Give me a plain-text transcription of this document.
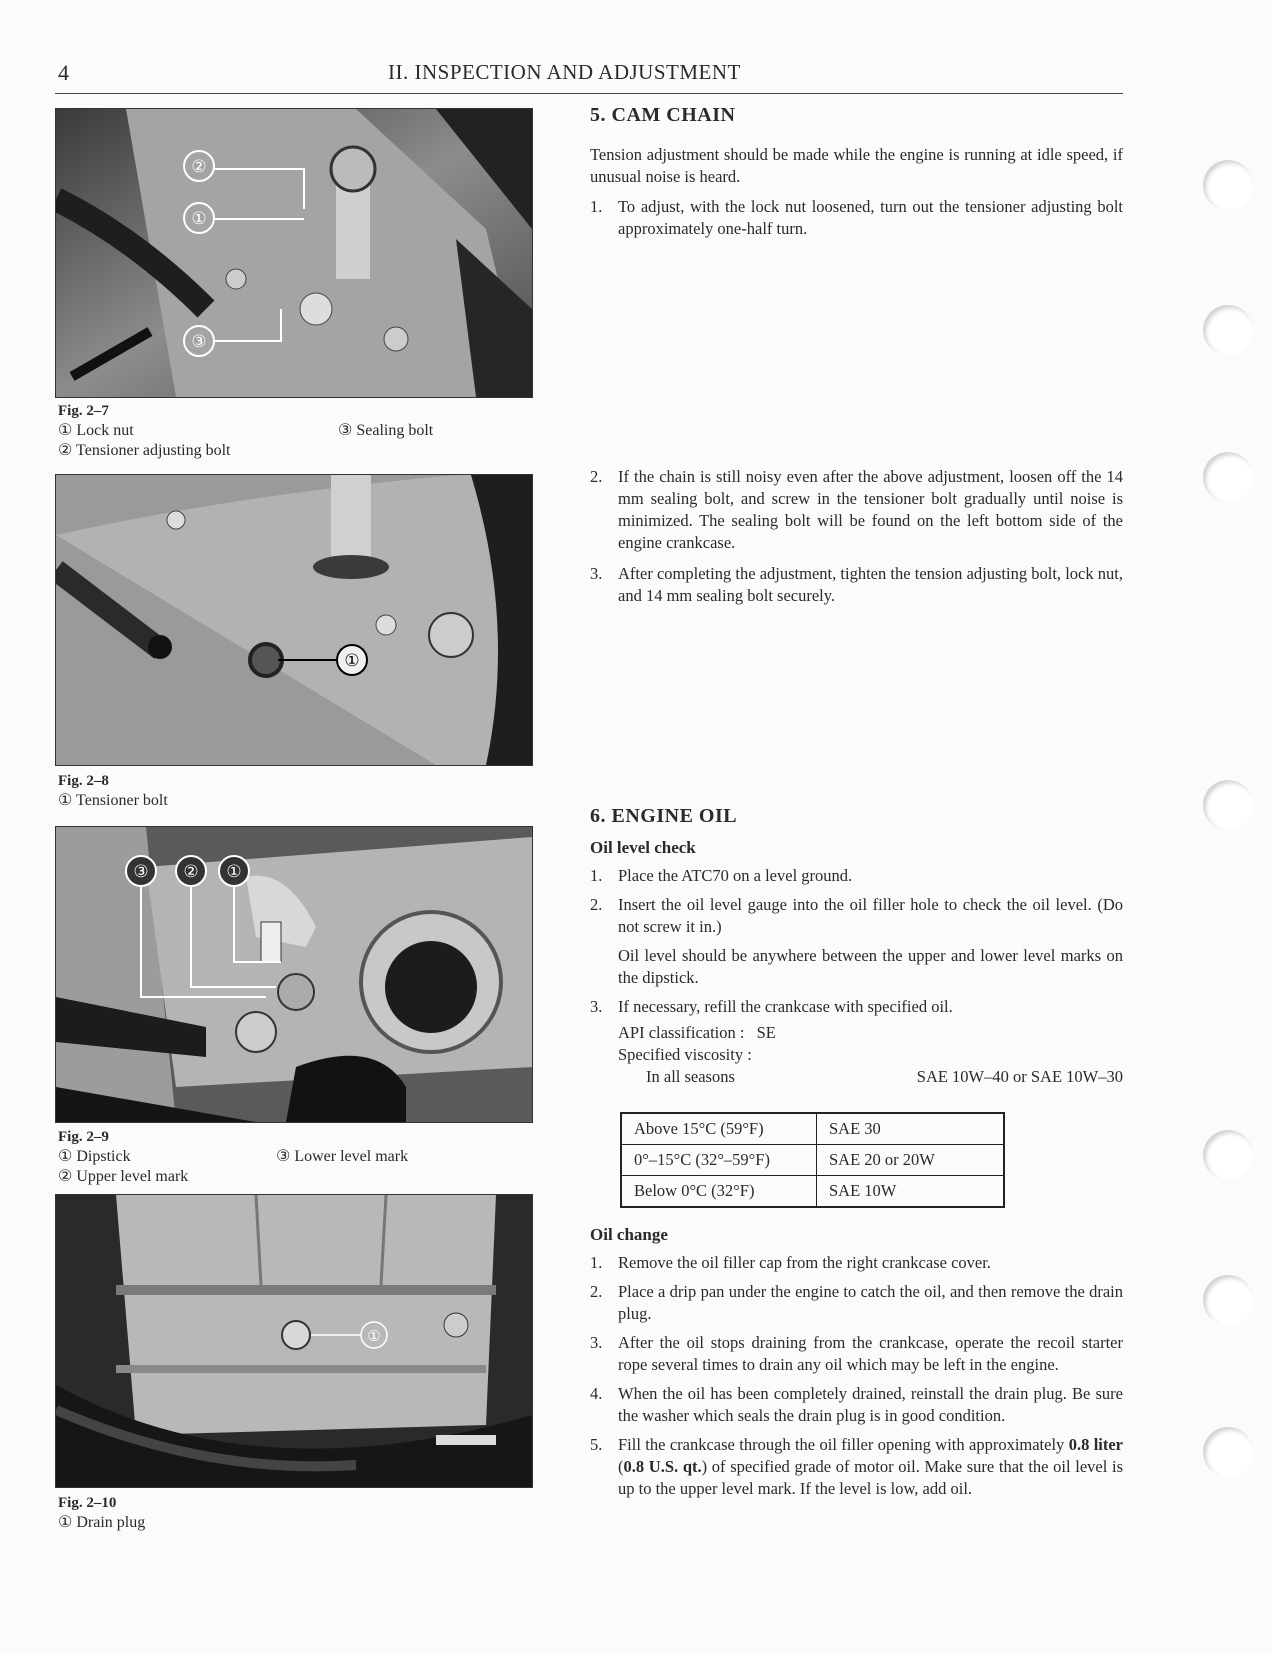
4	II. INSPECTION AND ADJUSTMENT
②
①
③
Fig. 2–7
① Lock nut	③ Sealing bolt
② Tensioner adjusting bolt
①
Fig. 2–8
① Tensioner bolt
③ ② ①
Fig. 2–9
① Dipstick	③ Lower level mark
② Upper level mark
①
Fig. 2–10
① Drain plug
5. CAM CHAIN
Tension adjustment should be made while the engine is running at idle speed, if unusual noise is heard.
1. To adjust, with the lock nut loosened, turn out the tensioner adjusting bolt approximately one-half turn.
2. If the chain is still noisy even after the above adjustment, loosen off the 14 mm sealing bolt, and screw in the tensioner bolt gradually until noise is minimized. The sealing bolt will be found on the left bottom side of the engine crankcase.
3. After completing the adjustment, tighten the tension adjusting bolt, lock nut, and 14 mm sealing bolt securely.
6. ENGINE OIL
Oil level check
1. Place the ATC70 on a level ground.
2. Insert the oil level gauge into the oil filler hole to check the oil level. (Do not screw it in.)
Oil level should be anywhere between the upper and lower level marks on the dipstick.
3. If necessary, refill the crankcase with specified oil.
API classification : SE
Specified viscosity :
In all seasons	SAE 10W–40 or SAE 10W–30
Above 15°C (59°F)	SAE 30
0°–15°C (32°–59°F)	SAE 20 or 20W
Below 0°C (32°F)	SAE 10W
Oil change
1. Remove the oil filler cap from the right crankcase cover.
2. Place a drip pan under the engine to catch the oil, and then remove the drain plug.
3. After the oil stops draining from the crankcase, operate the recoil starter rope several times to drain any oil which may be left in the engine.
4. When the oil has been completely drained, reinstall the drain plug. Be sure the washer which seals the drain plug is in good condition.
5. Fill the crankcase through the oil filler opening with approximately 0.8 liter (0.8 U.S. qt.) of specified grade of motor oil. Make sure that the oil level is up to the upper level mark. If the level is low, add oil.
